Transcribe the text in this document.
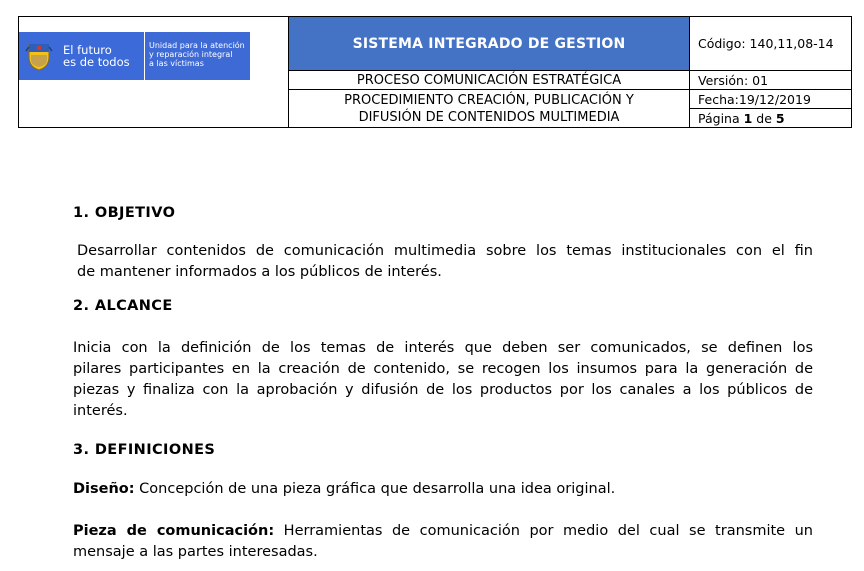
SISTEMA INTEGRADO DE GESTION	Código: 140,11,08-14
PROCESO COMUNICACIÓN ESTRATÉGICA	Versión: 01
PROCEDIMIENTO CREACIÓN, PUBLICACIÓN Y
DIFUSIÓN DE CONTENIDOS MULTIMEDIA
Fecha:19/12/2019
Página 1 de 5
El futuro
es de todos
Unidad para la atención
y reparación integral
a las víctimas
1. OBJETIVO
Desarrollar contenidos de comunicación multimedia sobre los temas institucionales con el fin
de mantener informados a los públicos de interés.
2. ALCANCE
Inicia con la definición de los temas de interés que deben ser comunicados, se definen los
pilares participantes en la creación de contenido, se recogen los insumos para la generación de
piezas y finaliza con la aprobación y difusión de los productos por los canales a los públicos de
interés.
3. DEFINICIONES
Diseño: Concepción de una pieza gráfica que desarrolla una idea original.
Pieza de comunicación: Herramientas de comunicación por medio del cual se transmite un
mensaje a las partes interesadas.
